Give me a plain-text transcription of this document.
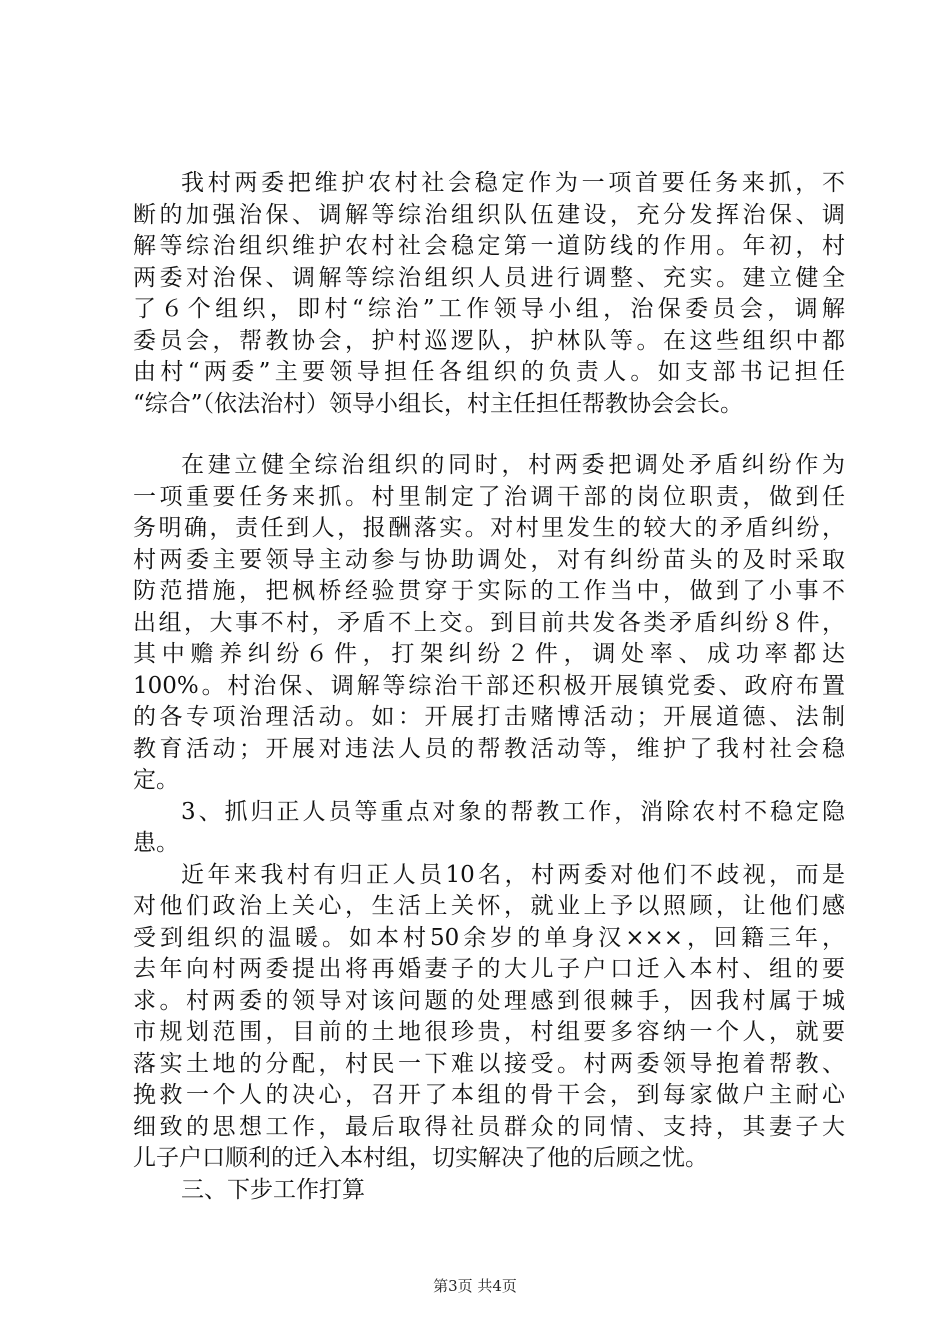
我村两委把维护农村社会稳定作为一项首要任务来抓，不
断的加强治保、调解等综治组织队伍建设，充分发挥治保、调
解等综治组织维护农村社会稳定第一道防线的作用。年初，村
两委对治保、调解等综治组织人员进行调整、充实。建立健全
了６个组织，即村“综治”工作领导小组，治保委员会，调解
委员会，帮教协会，护村巡逻队，护林队等。在这些组织中都
由村“两委”主要领导担任各组织的负责人。如支部书记担任
“综合”（依法治村）领导小组长，村主任担任帮教协会会长。
在建立健全综治组织的同时，村两委把调处矛盾纠纷作为
一项重要任务来抓。村里制定了治调干部的岗位职责，做到任
务明确，责任到人，报酬落实。对村里发生的较大的矛盾纠纷，
村两委主要领导主动参与协助调处，对有纠纷苗头的及时采取
防范措施，把枫桥经验贯穿于实际的工作当中，做到了小事不
出组，大事不村，矛盾不上交。到目前共发各类矛盾纠纷８件，
其中赡养纠纷６件，打架纠纷２件，调处率、成功率都达
100%。村治保、调解等综治干部还积极开展镇党委、政府布置
的各专项治理活动。如：开展打击赌博活动；开展道德、法制
教育活动；开展对违法人员的帮教活动等，维护了我村社会稳
定。
3、抓归正人员等重点对象的帮教工作，消除农村不稳定隐
患。
近年来我村有归正人员10名，村两委对他们不歧视，而是
对他们政治上关心，生活上关怀，就业上予以照顾，让他们感
受到组织的温暖。如本村50余岁的单身汉×××，回籍三年，
去年向村两委提出将再婚妻子的大儿子户口迁入本村、组的要
求。村两委的领导对该问题的处理感到很棘手，因我村属于城
市规划范围，目前的土地很珍贵，村组要多容纳一个人，就要
落实土地的分配，村民一下难以接受。村两委领导抱着帮教、
挽救一个人的决心，召开了本组的骨干会，到每家做户主耐心
细致的思想工作，最后取得社员群众的同情、支持，其妻子大
儿子户口顺利的迁入本村组，切实解决了他的后顾之忧。
三、下步工作打算
第3页 共4页
